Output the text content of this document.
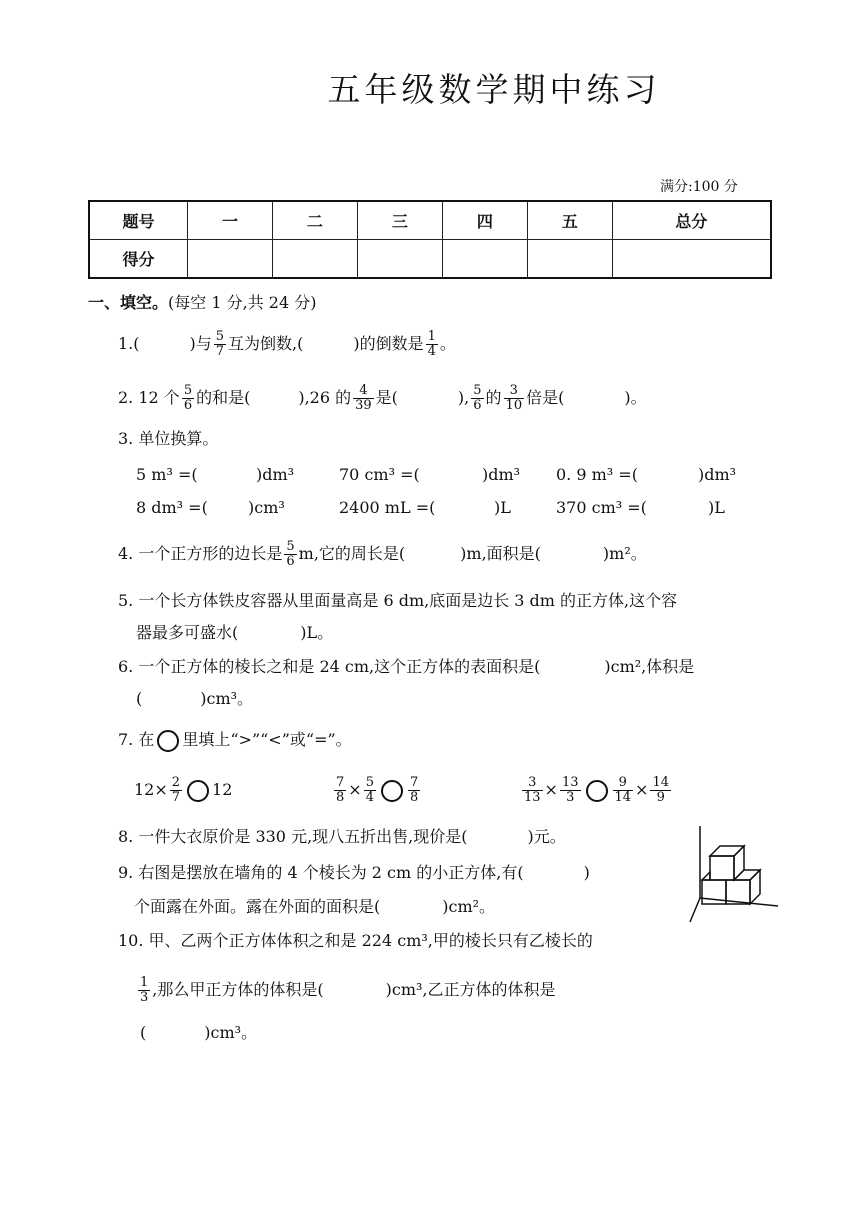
五年级数学期中练习
满分:100 分
题号	一	二	三	四	五	总分
得分						
一、填空。(每空 1 分,共 24 分)
1.(	)与 $\frac{5}{7}$ 互为倒数,(	)的倒数是 $\frac{1}{4}$ 。
2. 12 个 $\frac{5}{6}$ 的和是(	),26 的 $\frac{4}{39}$ 是(	), $\frac{5}{6}$ 的 $\frac{3}{10}$ 倍是(	)。
3. 单位换算。
5 m³ =(	)dm³	70 cm³ =(	)dm³ 0. 9 m³ =(	)dm³
8 dm³ =(	)cm³	2400 mL =(	)L	370 cm³ =(	)L
4. 一个正方形的边长是 $\frac{5}{6} m$,它的周长是(	)m,面积是(	)m²。
5. 一个长方体铁皮容器从里面量高是 6 dm,底面是边长 3 dm 的正方体,这个容
器最多可盛水(	)L。
6. 一个正方体的棱长之和是 24 cm,这个正方体的表面积是(	)cm²,体积是
(	)cm³。
7. 在 里填上“>”“<”或“=”。
$12\times \frac{2}{7} 12$	$\frac{7}{8} \times \frac{5}{4} \frac{7}{8}$	$\frac{3}{13} \times \frac{13}{3} \frac{9}{14} \times \frac{14}{9}$
8. 一件大衣原价是 330 元,现八五折出售,现价是(	)元。
9. 右图是摆放在墙角的 4 个棱长为 2 cm 的小正方体,有(	)
个面露在外面。露在外面的面积是(	)cm²。
10. 甲、乙两个正方体体积之和是 224 cm³,甲的棱长只有乙棱长的
$\frac{1}{3}$ ,那么甲正方体的体积是(	)cm³,乙正方体的体积是
(	)cm³。
